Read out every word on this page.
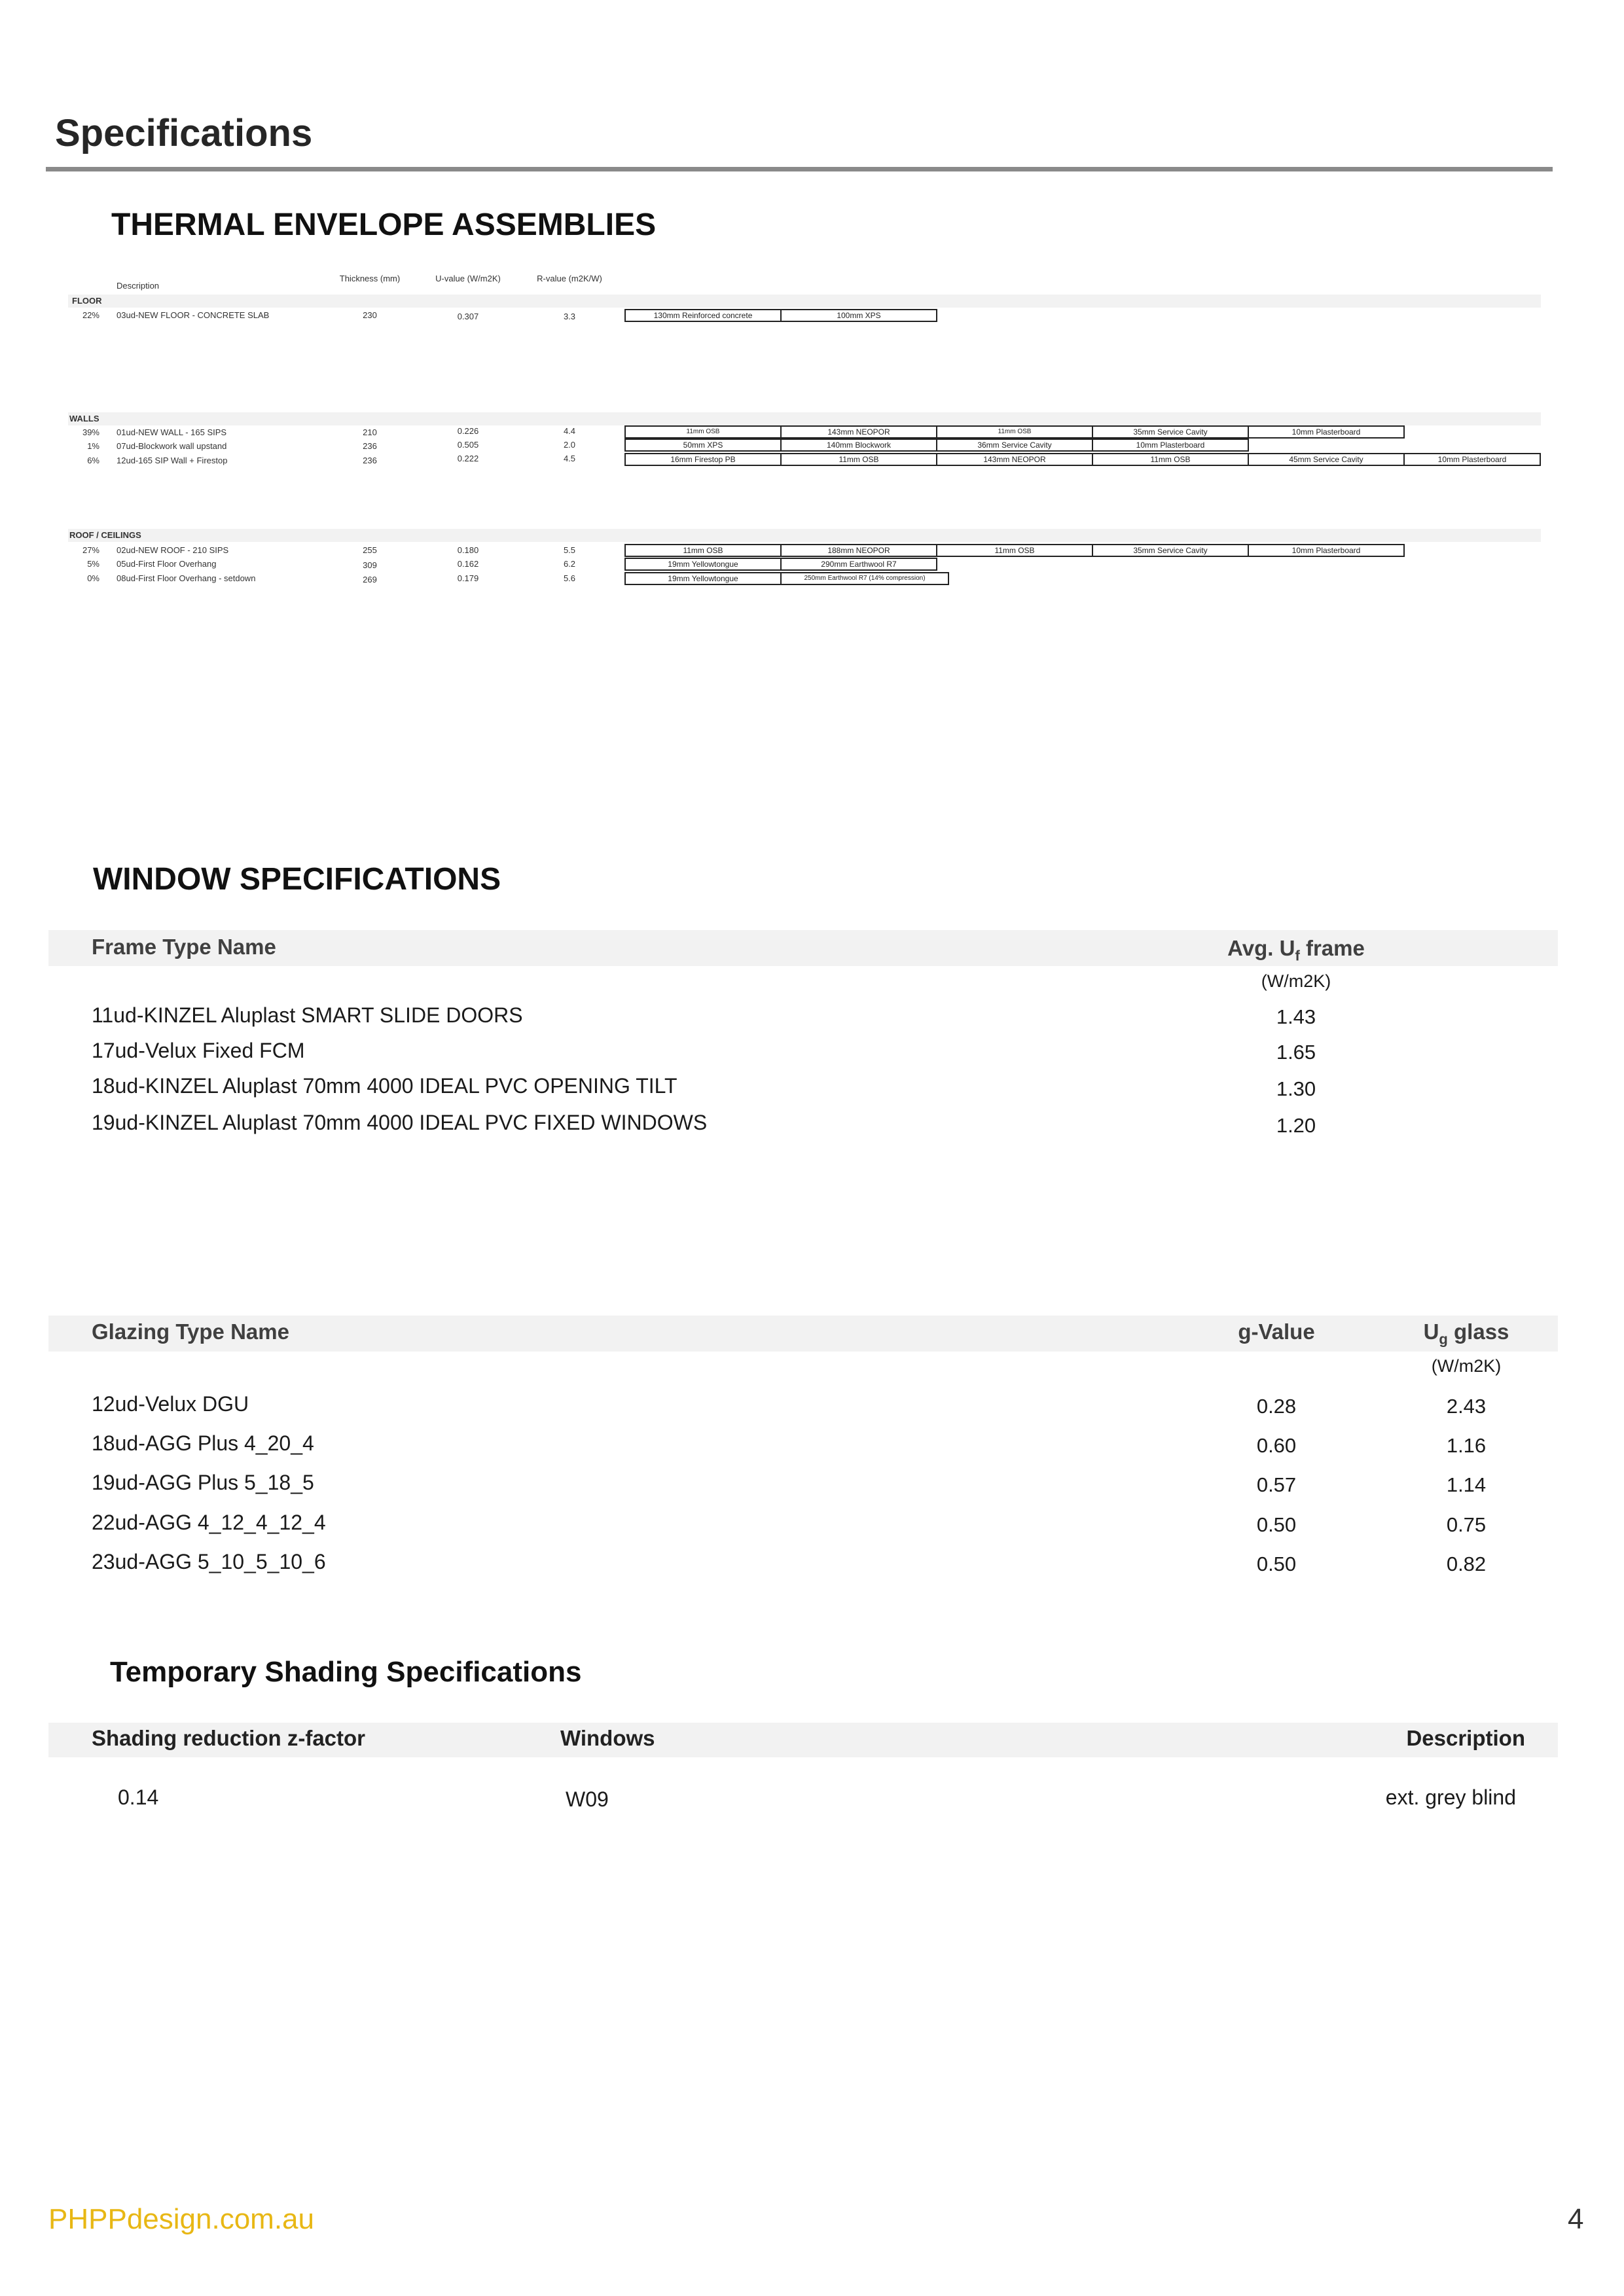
Specifications
THERMAL ENVELOPE ASSEMBLIES
Description
Thickness (mm)	U-value (W/m2K)	R-value (m2K/W)
FLOOR
22% 03ud-NEW FLOOR - CONCRETE SLAB	230	0.307	3.3	130mm Reinforced concrete	100mm XPS
WALLS
39% 01ud-NEW WALL - 165 SIPS	210	0.226	4.4	11mm OSB	143mm NEOPOR	11mm OSB	35mm Service Cavity	10mm Plasterboard
1% 07ud-Blockwork wall upstand	236	0.505	2.0	50mm XPS	140mm Blockwork	36mm Service Cavity	10mm Plasterboard
6% 12ud-165 SIP Wall + Firestop	236	0.222	4.5	16mm Firestop PB	11mm OSB	143mm NEOPOR	11mm OSB	45mm Service Cavity	10mm Plasterboard
ROOF / CEILINGS
27% 02ud-NEW ROOF - 210 SIPS	255	0.180	5.5	11mm OSB	188mm NEOPOR	11mm OSB	35mm Service Cavity	10mm Plasterboard
5% 05ud-First Floor Overhang	309	0.162	6.2	19mm Yellowtongue	290mm Earthwool R7
0% 08ud-First Floor Overhang - setdown	269	0.179	5.6	19mm Yellowtongue	250mm Earthwool R7 (14% compression)
WINDOW SPECIFICATIONS
Frame Type Name	Avg. $U_f$ frame
(W/m2K)
11ud-KINZEL Aluplast SMART SLIDE DOORS	1.43
17ud-Velux Fixed FCM	1.65
18ud-KINZEL Aluplast 70mm 4000 IDEAL PVC OPENING TILT	1.30
19ud-KINZEL Aluplast 70mm 4000 IDEAL PVC FIXED WINDOWS	1.20
Glazing Type Name	g-Value	$U_g$ glass
(W/m2K)
12ud-Velux DGU	0.28	2.43
18ud-AGG Plus 4_20_4	0.60	1.16
19ud-AGG Plus 5_18_5	0.57	1.14
22ud-AGG 4_12_4_12_4	0.50	0.75
23ud-AGG 5_10_5_10_6	0.50	0.82
Temporary Shading Specifications
Shading reduction z-factor	Windows	Description
0.14	W09	ext. grey blind
PHPPdesign.com.au	4
